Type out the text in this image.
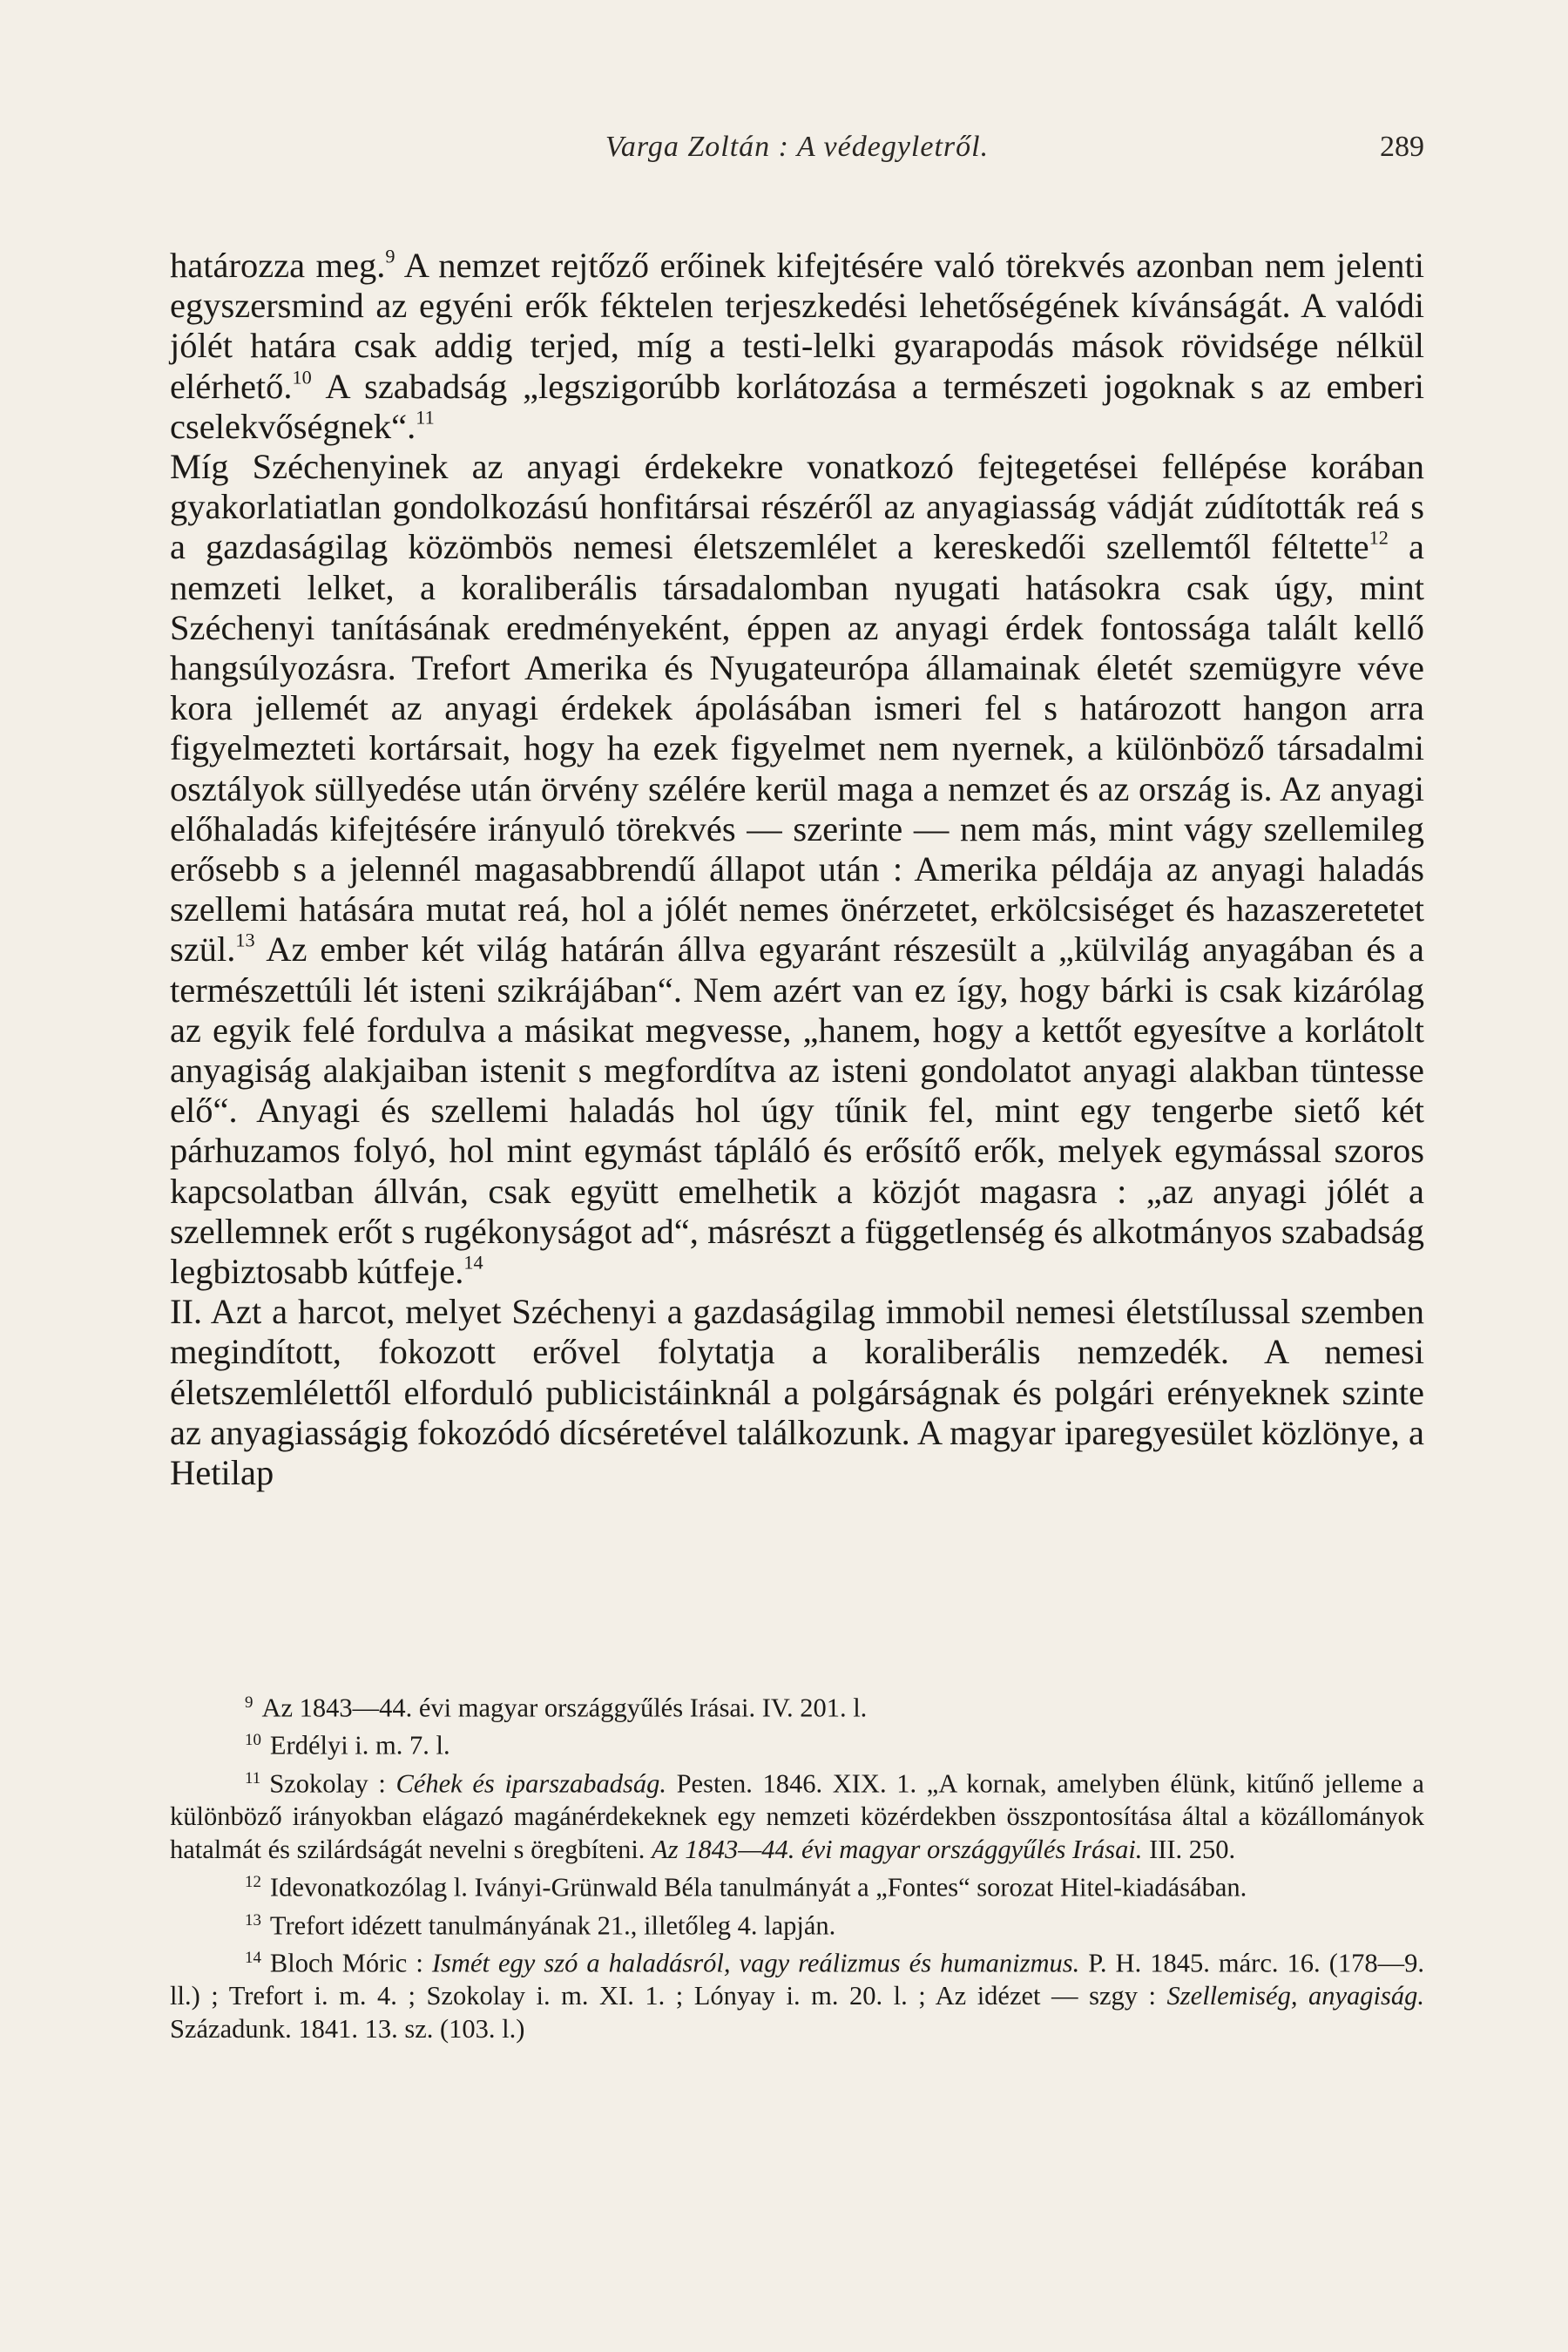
Varga Zoltán : A védegyletről.	289

határozza meg.$^9$ A nemzet rejtőző erőinek kifejtésére való törekvés azonban nem jelenti egyszersmind az egyéni erők féktelen terjeszkedési lehetőségének kívánságát. A valódi jólét határa csak addig terjed, míg a testi-lelki gyarapodás mások rövidsége nélkül elérhető.$^{10}$ A szabadság „legszigorúbb korlátozása a természeti jogoknak s az emberi cselekvőségnek“.$^{11}$

Míg Széchenyinek az anyagi érdekekre vonatkozó fejtegetései fellépése korában gyakorlatiatlan gondolkozású honfitársai részéről az anyagiasság vádját zúdították reá s a gazdaságilag közömbös nemesi életszemlélet a kereskedői szellemtől féltette$^{12}$ a nemzeti lelket, a koraliberális társadalomban nyugati hatásokra csak úgy, mint Széchenyi tanításának eredményeként, éppen az anyagi érdek fontossága talált kellő hangsúlyozásra. Trefort Amerika és Nyugateurópa államainak életét szemügyre véve kora jellemét az anyagi érdekek ápolásában ismeri fel s határozott hangon arra figyelmezteti kortársait, hogy ha ezek figyelmet nem nyernek, a különböző társadalmi osztályok süllyedése után örvény szélére kerül maga a nemzet és az ország is. Az anyagi előhaladás kifejtésére irányuló törekvés — szerinte — nem más, mint vágy szellemileg erősebb s a jelennél magasabbrendű állapot után : Amerika példája az anyagi haladás szellemi hatására mutat reá, hol a jólét nemes önérzetet, erkölcsiséget és hazaszeretetet szül.$^{13}$ Az ember két világ határán állva egyaránt részesült a „külvilág anyagában és a természettúli lét isteni szikrájában“. Nem azért van ez így, hogy bárki is csak kizárólag az egyik felé fordulva a másikat megvesse, „hanem, hogy a kettőt egyesítve a korlátolt anyagiság alakjaiban istenit s megfordítva az isteni gondolatot anyagi alakban tüntesse elő“. Anyagi és szellemi haladás hol úgy tűnik fel, mint egy tengerbe siető két párhuzamos folyó, hol mint egymást tápláló és erősítő erők, melyek egymással szoros kapcsolatban állván, csak együtt emelhetik a közjót magasra : „az anyagi jólét a szellemnek erőt s rugékonyságot ad“, másrészt a függetlenség és alkotmányos szabadság legbiztosabb kútfeje.$^{14}$

II. Azt a harcot, melyet Széchenyi a gazdaságilag immobil nemesi életstílussal szemben megindított, fokozott erővel folytatja a koraliberális nemzedék. A nemesi életszemlélettől elforduló publicistáinknál a polgárságnak és polgári erényeknek szinte az anyagiasságig fokozódó dícséretével találkozunk. A magyar iparegyesület közlönye, a Hetilap

$^9$ Az 1843—44. évi magyar országgyűlés Irásai. IV. 201. l.

$^{10}$ Erdélyi i. m. 7. l.

$^{11}$ Szokolay : Céhek és iparszabadság. Pesten. 1846. XIX. 1. „A kornak, amelyben élünk, kitűnő jelleme a különböző irányokban elágazó magánérdekeknek egy nemzeti közérdekben összpontosítása által a közállományok hatalmát és szilárdságát nevelni s öregbíteni. Az 1843—44. évi magyar országgyűlés Irásai. III. 250.

$^{12}$ Idevonatkozólag l. Iványi-Grünwald Béla tanulmányát a „Fontes“ sorozat Hitel-kiadásában.

$^{13}$ Trefort idézett tanulmányának 21., illetőleg 4. lapján.

$^{14}$ Bloch Móric : Ismét egy szó a haladásról, vagy reálizmus és humanizmus. P. H. 1845. márc. 16. (178—9. ll.) ; Trefort i. m. 4. ; Szokolay i. m. XI. 1. ; Lónyay i. m. 20. l. ; Az idézet — szgy : Szellemiség, anyagiság. Századunk. 1841. 13. sz. (103. l.)
